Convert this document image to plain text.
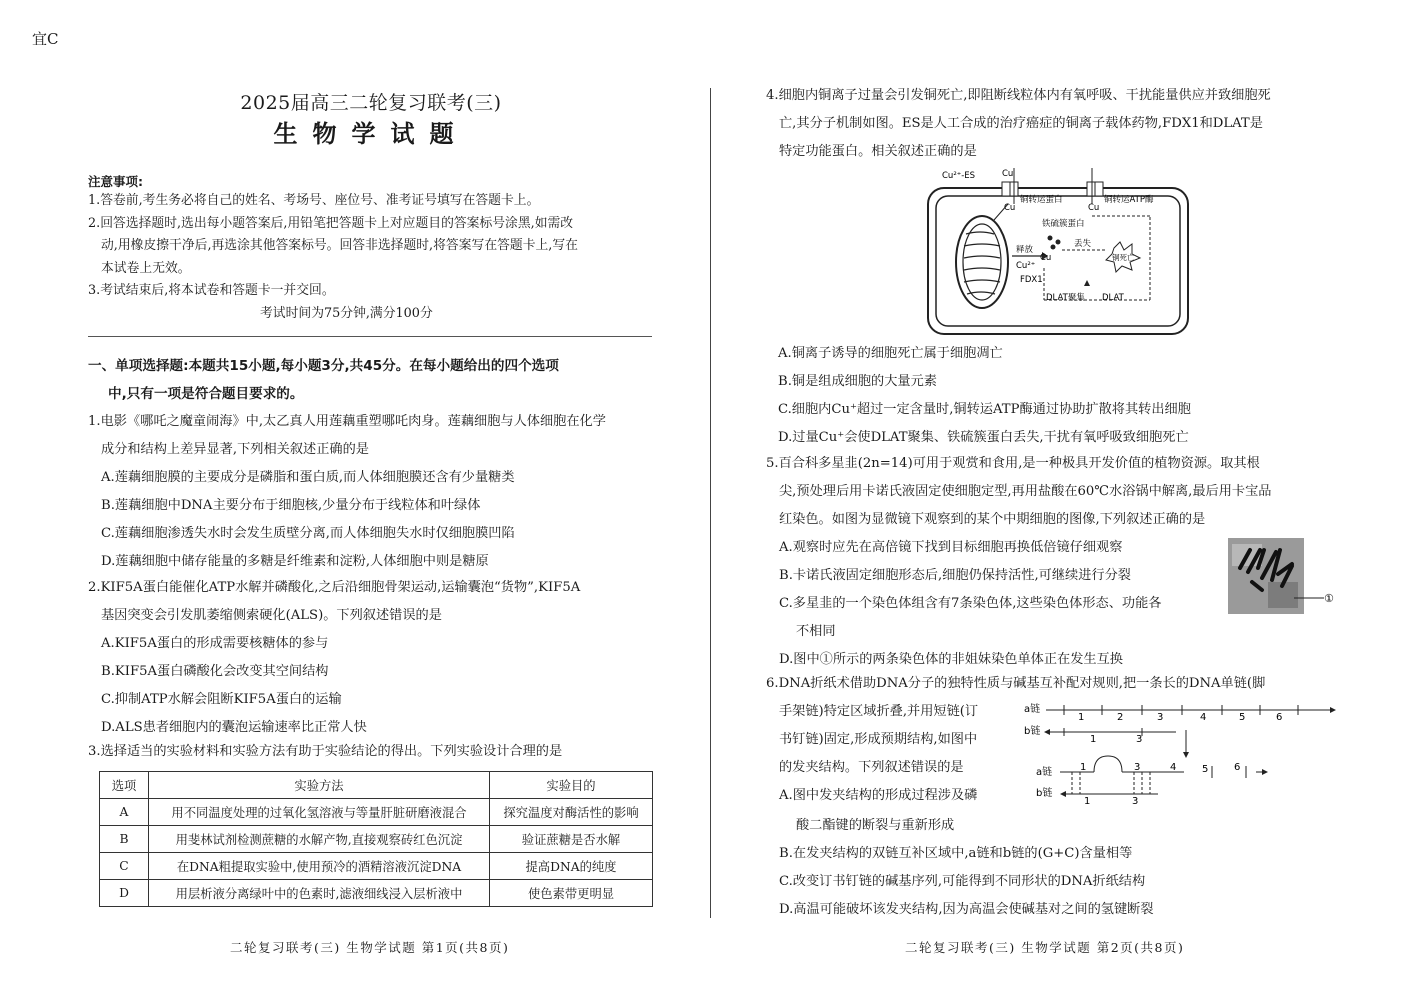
宜C
2025届高三二轮复习联考(三)
生物学试题
注意事项:
1.答卷前,考生务必将自己的姓名、考场号、座位号、准考证号填写在答题卡上。
2.回答选择题时,选出每小题答案后,用铅笔把答题卡上对应题目的答案标号涂黑,如需改
动,用橡皮擦干净后,再选涂其他答案标号。回答非选择题时,将答案写在答题卡上,写在
本试卷上无效。
3.考试结束后,将本试卷和答题卡一并交回。
考试时间为75分钟,满分100分
一、单项选择题:本题共15小题,每小题3分,共45分。在每小题给出的四个选项
中,只有一项是符合题目要求的。
1.电影《哪吒之魔童闹海》中,太乙真人用莲藕重塑哪吒肉身。莲藕细胞与人体细胞在化学
成分和结构上差异显著,下列相关叙述正确的是
A.莲藕细胞膜的主要成分是磷脂和蛋白质,而人体细胞膜还含有少量糖类
B.莲藕细胞中DNA主要分布于细胞核,少量分布于线粒体和叶绿体
C.莲藕细胞渗透失水时会发生质壁分离,而人体细胞失水时仅细胞膜凹陷
D.莲藕细胞中储存能量的多糖是纤维素和淀粉,人体细胞中则是糖原
2.KIF5A蛋白能催化ATP水解并磷酸化,之后沿细胞骨架运动,运输囊泡“货物”,KIF5A
基因突变会引发肌萎缩侧索硬化(ALS)。下列叙述错误的是
A.KIF5A蛋白的形成需要核糖体的参与
B.KIF5A蛋白磷酸化会改变其空间结构
C.抑制ATP水解会阻断KIF5A蛋白的运输
D.ALS患者细胞内的囊泡运输速率比正常人快
3.选择适当的实验材料和实验方法有助于实验结论的得出。下列实验设计合理的是
选项	实验方法	实验目的
A	用不同温度处理的过氧化氢溶液与等量肝脏研磨液混合	探究温度对酶活性的影响
B	用斐林试剂检测蔗糖的水解产物,直接观察砖红色沉淀	验证蔗糖是否水解
C	在DNA粗提取实验中,使用预冷的酒精溶液沉淀DNA	提高DNA的纯度
D	用层析液分离绿叶中的色素时,滤液细线浸入层析液中	使色素带更明显
4.细胞内铜离子过量会引发铜死亡,即阻断线粒体内有氧呼吸、干扰能量供应并致细胞死
亡,其分子机制如图。ES是人工合成的治疗癌症的铜离子载体药物,FDX1和DLAT是
特定功能蛋白。相关叙述正确的是
Cu²⁺-ES	Cu
Cu
铜转运蛋白	铜转运ATP酶
Cu
铁硫簇蛋白
丢失
释放
Cu²⁺
Cu
FDX1
铜死亡
DLAT聚集 DLAT
A.铜离子诱导的细胞死亡属于细胞凋亡
B.铜是组成细胞的大量元素
C.细胞内Cu⁺超过一定含量时,铜转运ATP酶通过协助扩散将其转出细胞
D.过量Cu⁺会使DLAT聚集、铁硫簇蛋白丢失,干扰有氧呼吸致细胞死亡
5.百合科多星韭(2n=14)可用于观赏和食用,是一种极具开发价值的植物资源。取其根
尖,预处理后用卡诺氏液固定使细胞定型,再用盐酸在60℃水浴锅中解离,最后用卡宝品
红染色。如图为显微镜下观察到的某个中期细胞的图像,下列叙述正确的是
A.观察时应先在高倍镜下找到目标细胞再换低倍镜仔细观察
B.卡诺氏液固定细胞形态后,细胞仍保持活性,可继续进行分裂
C.多星韭的一个染色体组含有7条染色体,这些染色体形态、功能各
不相同
D.图中①所示的两条染色体的非姐妹染色单体正在发生互换
①
6.DNA折纸术借助DNA分子的独特性质与碱基互补配对规则,把一条长的DNA单链(脚
手架链)特定区域折叠,并用短链(订
书钉链)固定,形成预期结构,如图中
的发夹结构。下列叙述错误的是
A.图中发夹结构的形成过程涉及磷
酸二酯键的断裂与重新形成
B.在发夹结构的双链互补区域中,a链和b链的(G+C)含量相等
C.改变订书钉链的碱基序列,可能得到不同形状的DNA折纸结构
D.高温可能破坏该发夹结构,因为高温会使碱基对之间的氢键断裂
a链
1	2	3	4	5	6
b链
1	3
a链
b链
1	3	4	5	6
1	3
二轮复习联考(三) 生物学试题 第1页(共8页)	二轮复习联考(三) 生物学试题 第2页(共8页)
